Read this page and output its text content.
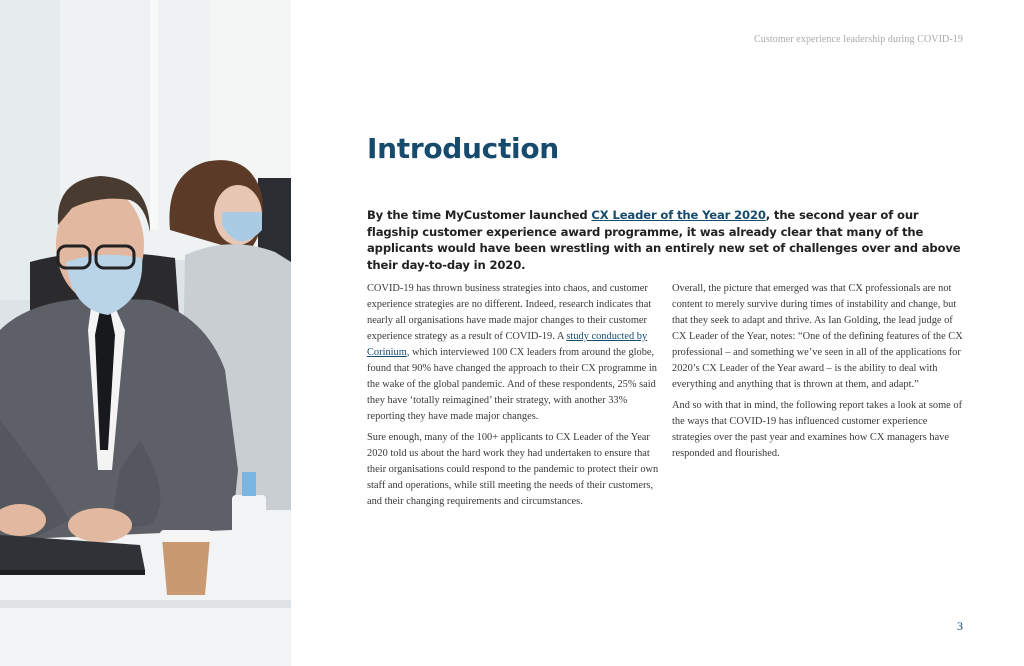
Customer experience leadership during COVID-19
Introduction

By the time MyCustomer launched CX Leader of the Year 2020, the second year of our flagship customer experience award programme, it was already clear that many of the applicants would have been wrestling with an entirely new set of challenges over and above their day-to-day in 2020.

COVID-19 has thrown business strategies into chaos, and customer experience strategies are no different. Indeed, research indicates that nearly all organisations have made major changes to their customer experience strategy as a result of COVID-19. A study conducted by Corinium, which interviewed 100 CX leaders from around the globe, found that 90% have changed the approach to their CX programme in the wake of the global pandemic. And of these respondents, 25% said they have ‘totally reimagined’ their strategy, with another 33% reporting they have made major changes.

Sure enough, many of the 100+ applicants to CX Leader of the Year 2020 told us about the hard work they had undertaken to ensure that their organisations could respond to the pandemic to protect their own staff and operations, while still meeting the needs of their customers, and their changing requirements and circumstances.

Overall, the picture that emerged was that CX professionals are not content to merely survive during times of instability and change, but that they seek to adapt and thrive. As Ian Golding, the lead judge of CX Leader of the Year, notes: “One of the defining features of the CX professional – and something we’ve seen in all of the applications for 2020’s CX Leader of the Year award – is the ability to deal with everything and anything that is thrown at them, and adapt.”

And so with that in mind, the following report takes a look at some of the ways that COVID-19 has influenced customer experience strategies over the past year and examines how CX managers have responded and flourished.

3
